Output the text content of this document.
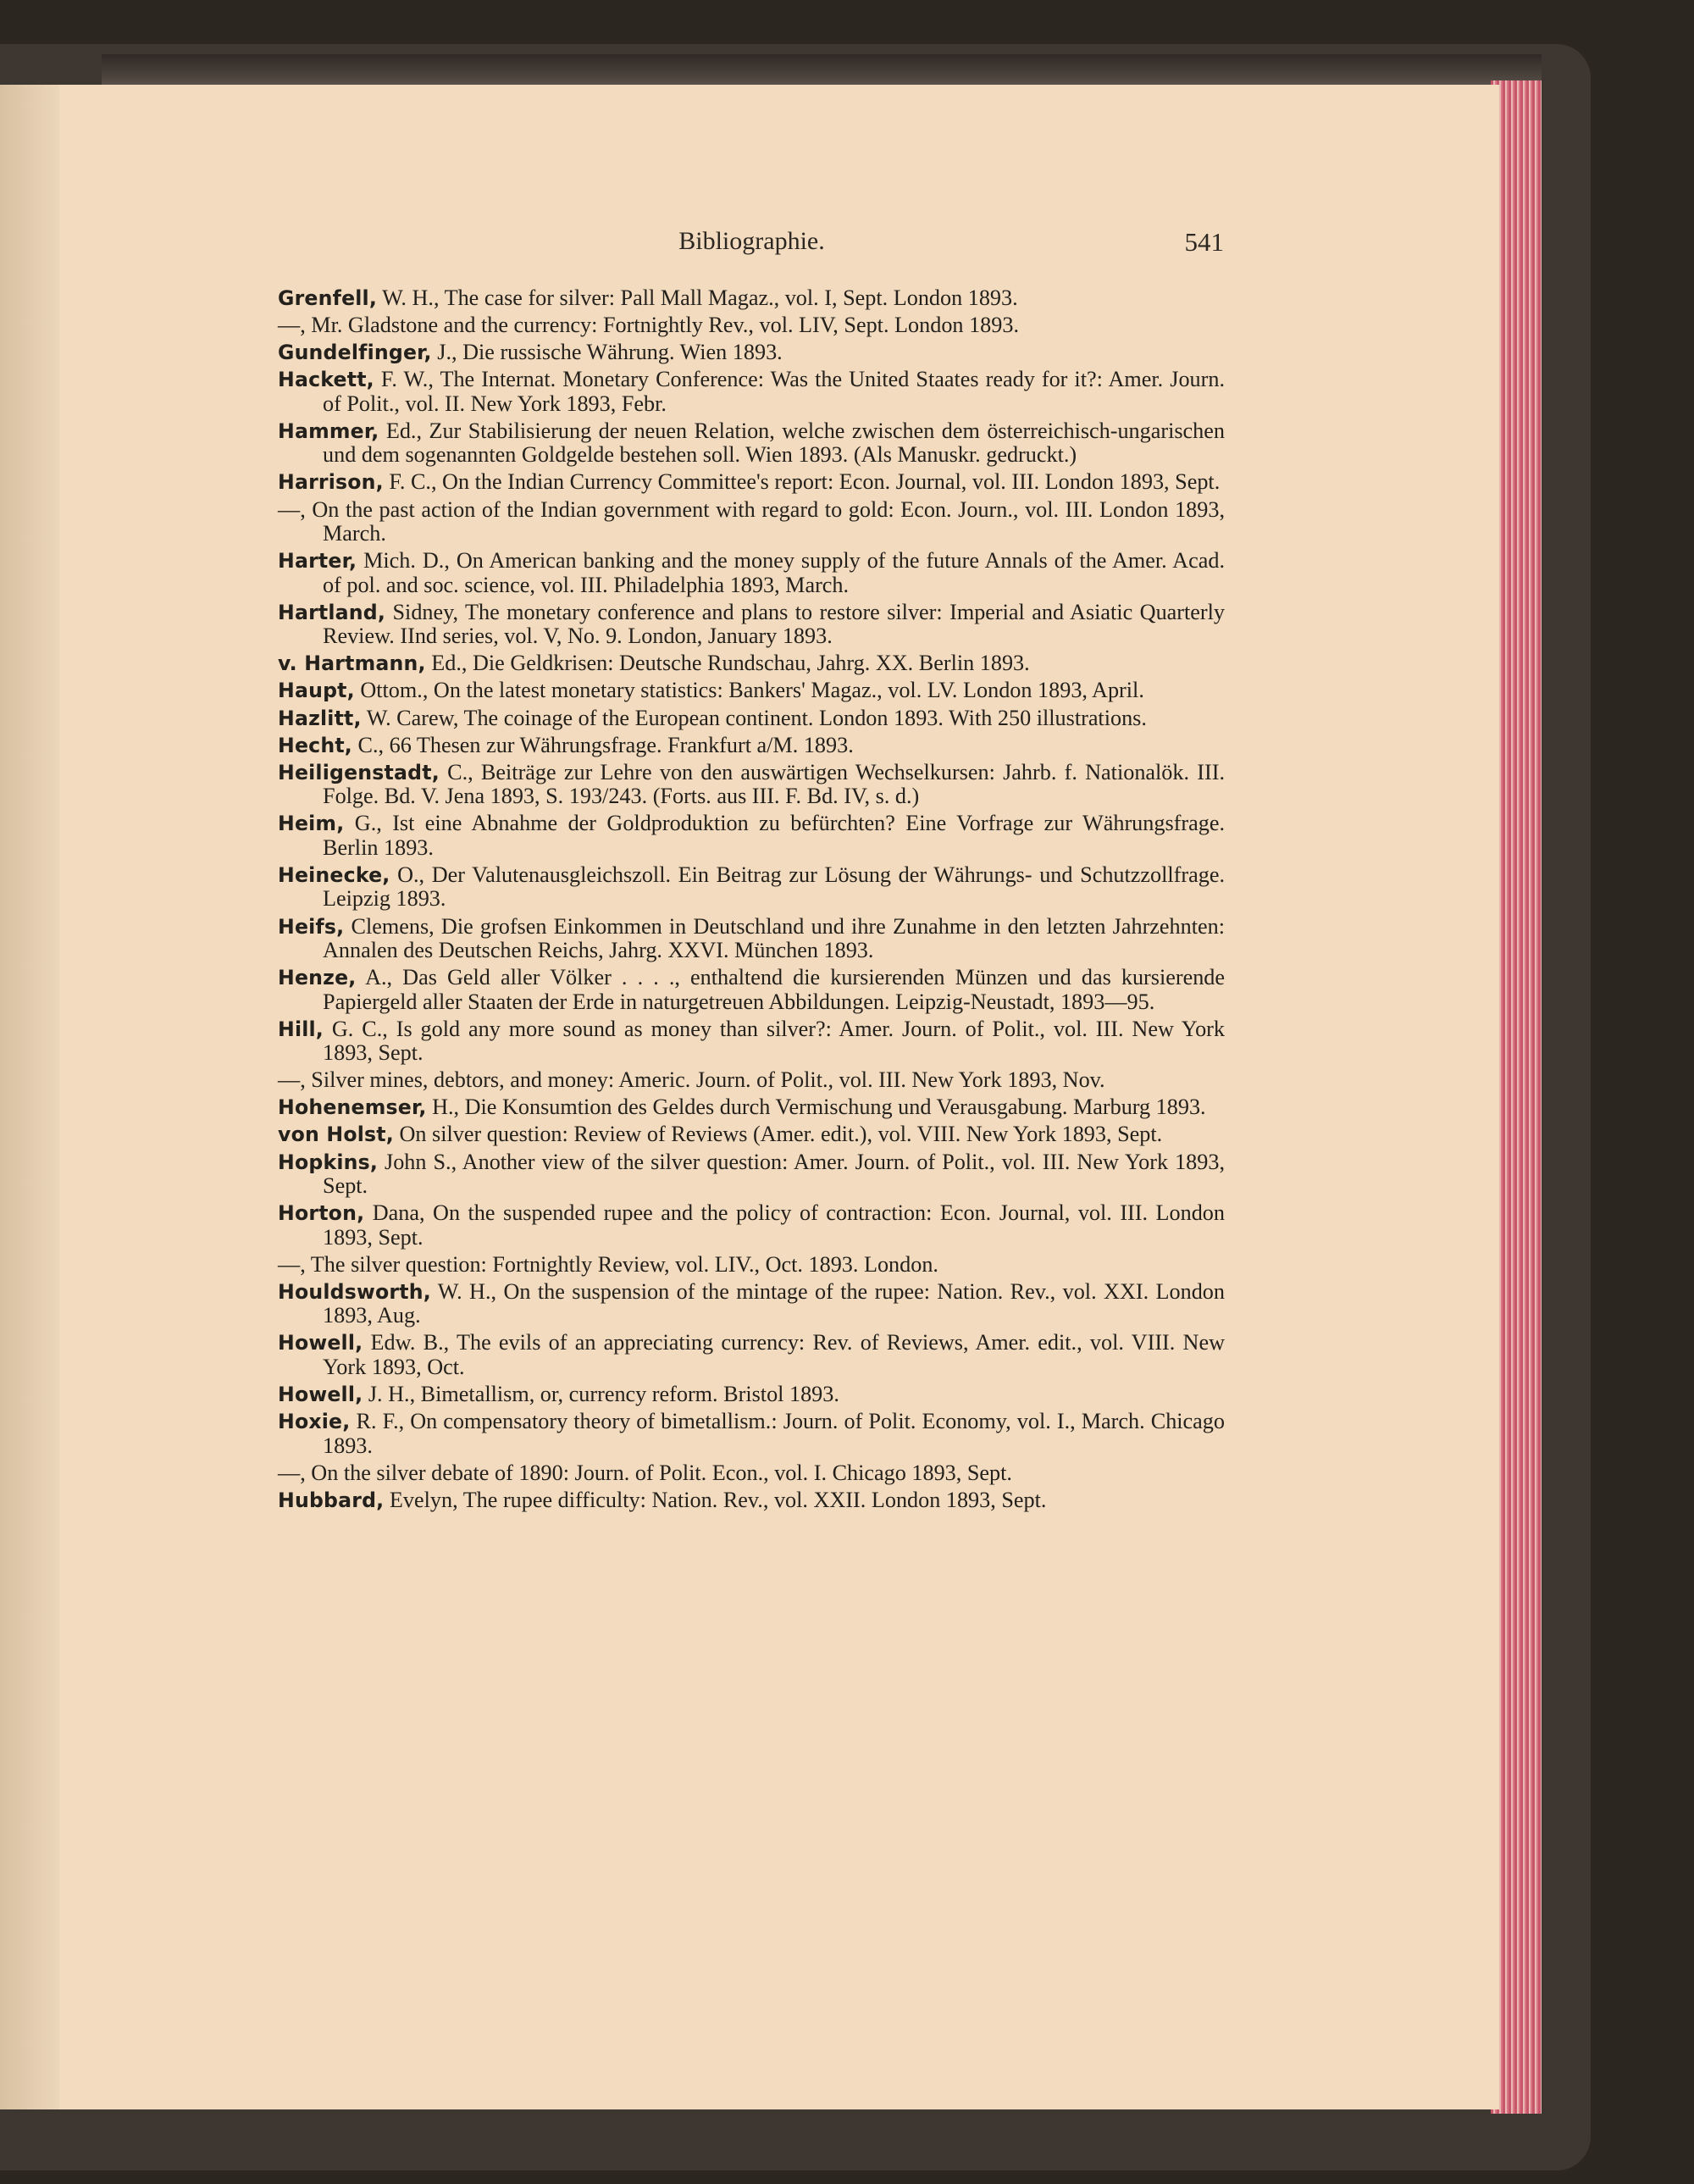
Bibliographie.	541
Grenfell, W. H., The case for silver: Pall Mall Magaz., vol. I, Sept. London 1893.
—, Mr. Gladstone and the currency: Fortnightly Rev., vol. LIV, Sept. London 1893.
Gundelfinger, J., Die russische Währung. Wien 1893.
Hackett, F. W., The Internat. Monetary Conference: Was the United Staates ready for it?: Amer. Journ. of Polit., vol. II. New York 1893, Febr.
Hammer, Ed., Zur Stabilisierung der neuen Relation, welche zwischen dem österreichisch-ungarischen und dem sogenannten Goldgelde bestehen soll. Wien 1893. (Als Manuskr. gedruckt.)
Harrison, F. C., On the Indian Currency Committee's report: Econ. Journal, vol. III. London 1893, Sept.
—, On the past action of the Indian government with regard to gold: Econ. Journ., vol. III. London 1893, March.
Harter, Mich. D., On American banking and the money supply of the future Annals of the Amer. Acad. of pol. and soc. science, vol. III. Philadelphia 1893, March.
Hartland, Sidney, The monetary conference and plans to restore silver: Imperial and Asiatic Quarterly Review. IInd series, vol. V, No. 9. London, January 1893.
v. Hartmann, Ed., Die Geldkrisen: Deutsche Rundschau, Jahrg. XX. Berlin 1893.
Haupt, Ottom., On the latest monetary statistics: Bankers' Magaz., vol. LV. London 1893, April.
Hazlitt, W. Carew, The coinage of the European continent. London 1893. With 250 illustrations.
Hecht, C., 66 Thesen zur Währungsfrage. Frankfurt a/M. 1893.
Heiligenstadt, C., Beiträge zur Lehre von den auswärtigen Wechselkursen: Jahrb. f. Nationalök. III. Folge. Bd. V. Jena 1893, S. 193/243. (Forts. aus III. F. Bd. IV, s. d.)
Heim, G., Ist eine Abnahme der Goldproduktion zu befürchten? Eine Vorfrage zur Währungsfrage. Berlin 1893.
Heinecke, O., Der Valutenausgleichszoll. Ein Beitrag zur Lösung der Währungs- und Schutzzollfrage. Leipzig 1893.
Heifs, Clemens, Die grofsen Einkommen in Deutschland und ihre Zunahme in den letzten Jahrzehnten: Annalen des Deutschen Reichs, Jahrg. XXVI. München 1893.
Henze, A., Das Geld aller Völker . . . ., enthaltend die kursierenden Münzen und das kursierende Papiergeld aller Staaten der Erde in naturgetreuen Abbildungen. Leipzig-Neustadt, 1893—95.
Hill, G. C., Is gold any more sound as money than silver?: Amer. Journ. of Polit., vol. III. New York 1893, Sept.
—, Silver mines, debtors, and money: Americ. Journ. of Polit., vol. III. New York 1893, Nov.
Hohenemser, H., Die Konsumtion des Geldes durch Vermischung und Verausgabung. Marburg 1893.
von Holst, On silver question: Review of Reviews (Amer. edit.), vol. VIII. New York 1893, Sept.
Hopkins, John S., Another view of the silver question: Amer. Journ. of Polit., vol. III. New York 1893, Sept.
Horton, Dana, On the suspended rupee and the policy of contraction: Econ. Journal, vol. III. London 1893, Sept.
—, The silver question: Fortnightly Review, vol. LIV., Oct. 1893. London.
Houldsworth, W. H., On the suspension of the mintage of the rupee: Nation. Rev., vol. XXI. London 1893, Aug.
Howell, Edw. B., The evils of an appreciating currency: Rev. of Reviews, Amer. edit., vol. VIII. New York 1893, Oct.
Howell, J. H., Bimetallism, or, currency reform. Bristol 1893.
Hoxie, R. F., On compensatory theory of bimetallism.: Journ. of Polit. Economy, vol. I., March. Chicago 1893.
—, On the silver debate of 1890: Journ. of Polit. Econ., vol. I. Chicago 1893, Sept.
Hubbard, Evelyn, The rupee difficulty: Nation. Rev., vol. XXII. London 1893, Sept.
